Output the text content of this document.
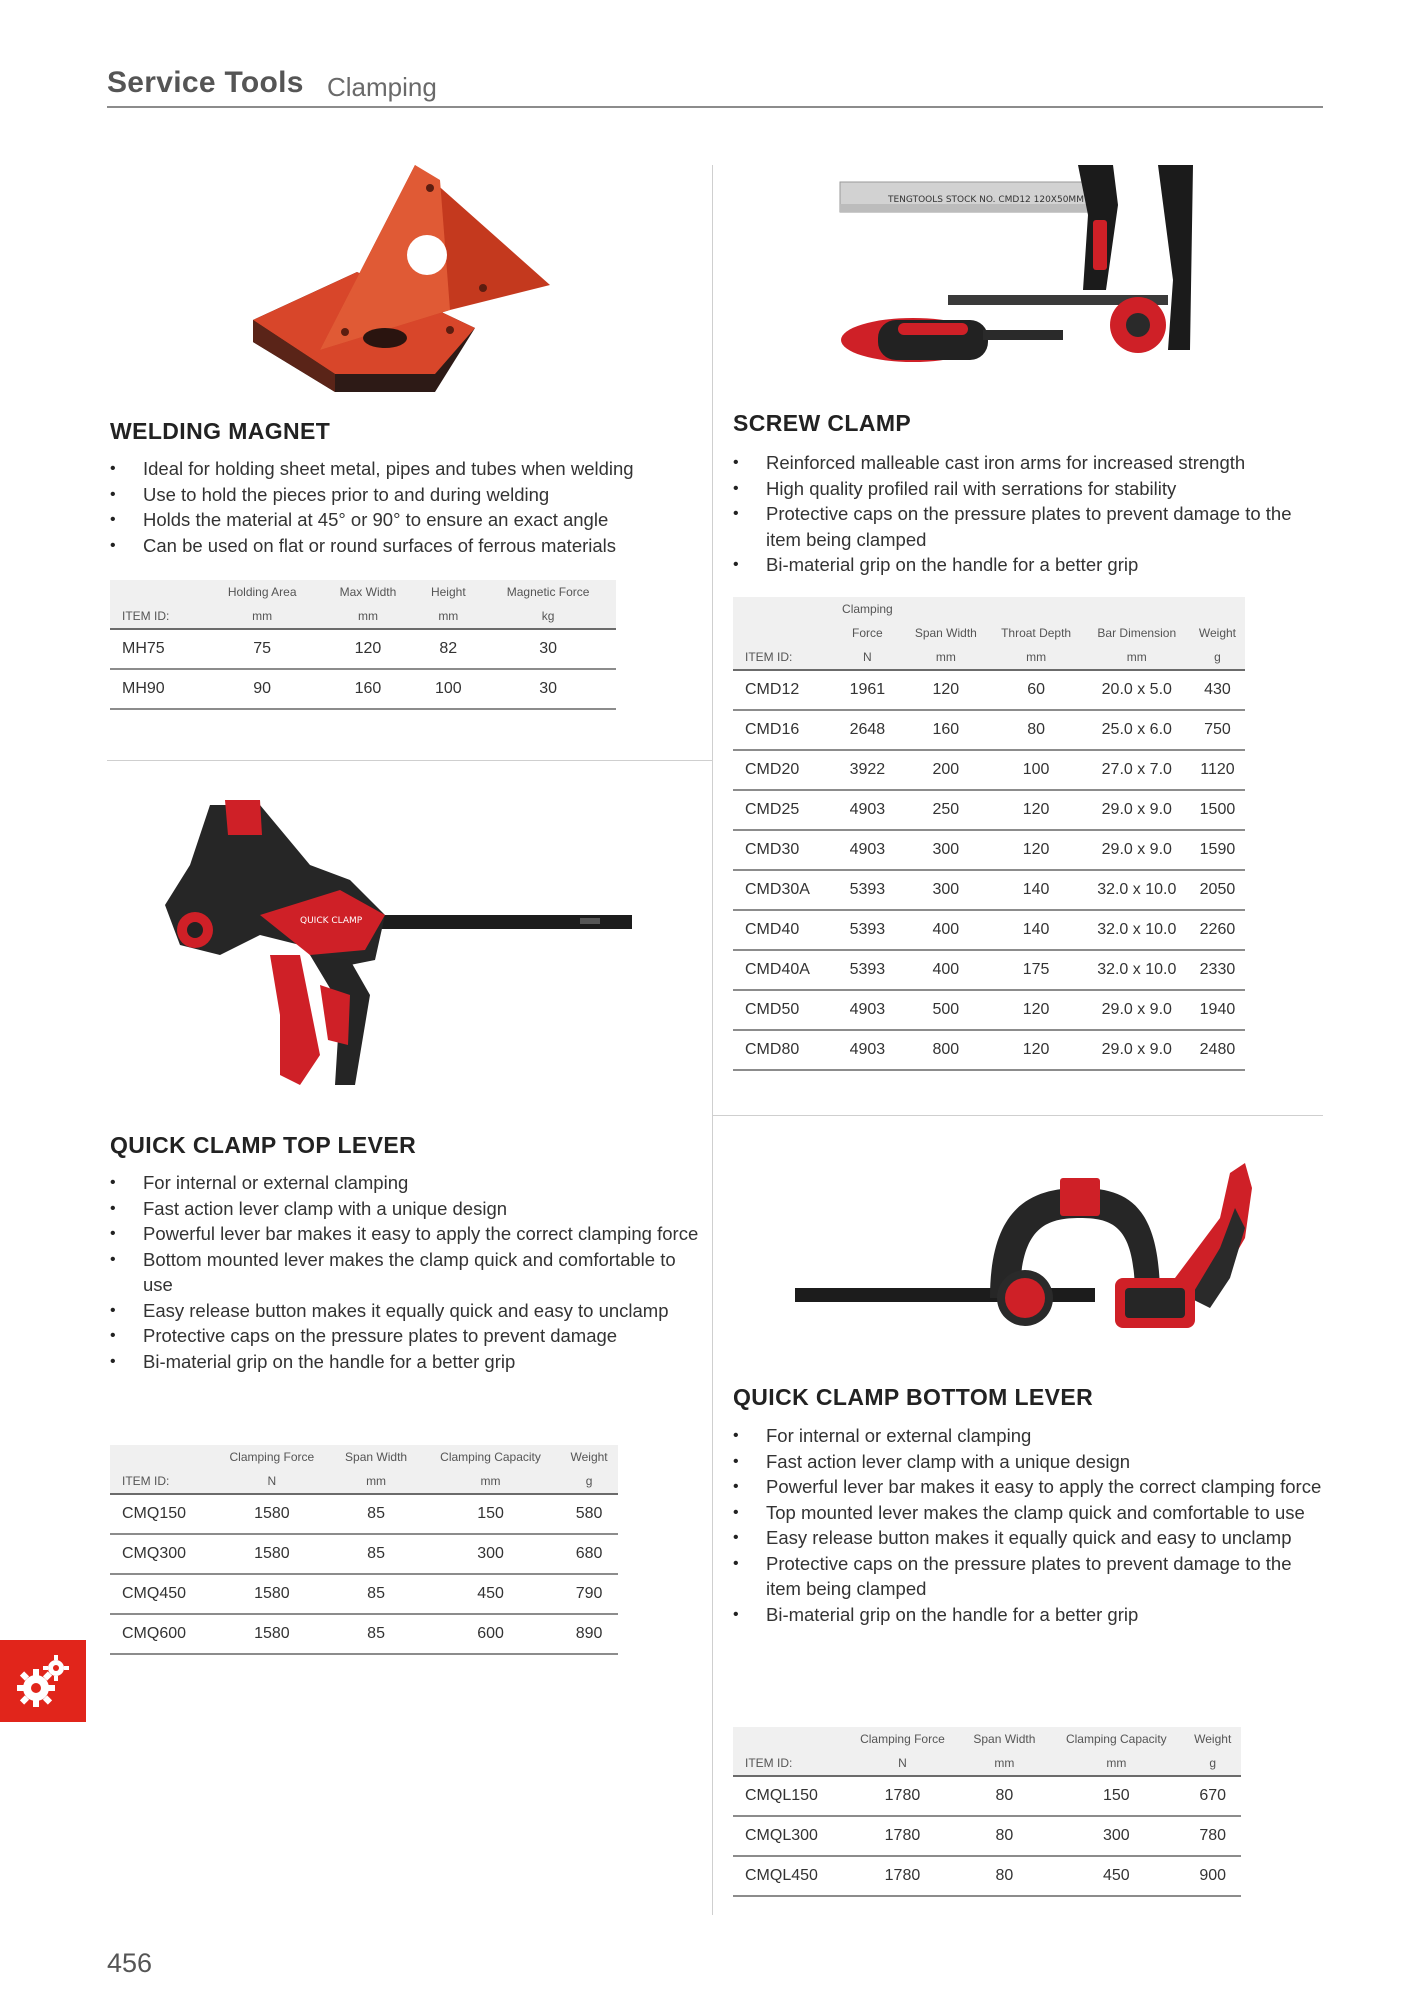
Service Tools Clamping
WELDING MAGNET
• Ideal for holding sheet metal, pipes and tubes when welding
• Use to hold the pieces prior to and during welding
• Holds the material at 45° or 90° to ensure an exact angle
• Can be used on flat or round surfaces of ferrous materials
	Holding Area	Max Width	Height	Magnetic Force
ITEM ID:	mm	mm	mm	kg
MH75	75	120	82	30
MH90	90	160	100	30
TENGTOOLS STOCK NO. CMD12 120X50MM
SCREW CLAMP
• Reinforced malleable cast iron arms for increased strength
• High quality profiled rail with serrations for stability
• Protective caps on the pressure plates to prevent damage to the item being clamped
• Bi-material grip on the handle for a better grip
	Clamping				
	Force	Span Width	Throat Depth	Bar Dimension	Weight
ITEM ID:	N	mm	mm	mm	g
CMD12	1961	120	60	20.0 x 5.0	430
CMD16	2648	160	80	25.0 x 6.0	750
CMD20	3922	200	100	27.0 x 7.0	1120
CMD25	4903	250	120	29.0 x 9.0	1500
CMD30	4903	300	120	29.0 x 9.0	1590
CMD30A	5393	300	140	32.0 x 10.0	2050
CMD40	5393	400	140	32.0 x 10.0	2260
CMD40A	5393	400	175	32.0 x 10.0	2330
CMD50	4903	500	120	29.0 x 9.0	1940
CMD80	4903	800	120	29.0 x 9.0	2480
QUICK CLAMP
QUICK CLAMP TOP LEVER
• For internal or external clamping
• Fast action lever clamp with a unique design
• Powerful lever bar makes it easy to apply the correct clamping force
• Bottom mounted lever makes the clamp quick and comfortable to use
• Easy release button makes it equally quick and easy to unclamp
• Protective caps on the pressure plates to prevent damage
• Bi-material grip on the handle for a better grip
	Clamping Force	Span Width	Clamping Capacity	Weight
ITEM ID:	N	mm	mm	g
CMQ150	1580	85	150	580
CMQ300	1580	85	300	680
CMQ450	1580	85	450	790
CMQ600	1580	85	600	890
QUICK CLAMP BOTTOM LEVER
• For internal or external clamping
• Fast action lever clamp with a unique design
• Powerful lever bar makes it easy to apply the correct clamping force
• Top mounted lever makes the clamp quick and comfortable to use
• Easy release button makes it equally quick and easy to unclamp
• Protective caps on the pressure plates to prevent damage to the item being clamped
• Bi-material grip on the handle for a better grip
	Clamping Force	Span Width	Clamping Capacity	Weight
ITEM ID:	N	mm	mm	g
CMQL150	1780	80	150	670
CMQL300	1780	80	300	780
CMQL450	1780	80	450	900
456
